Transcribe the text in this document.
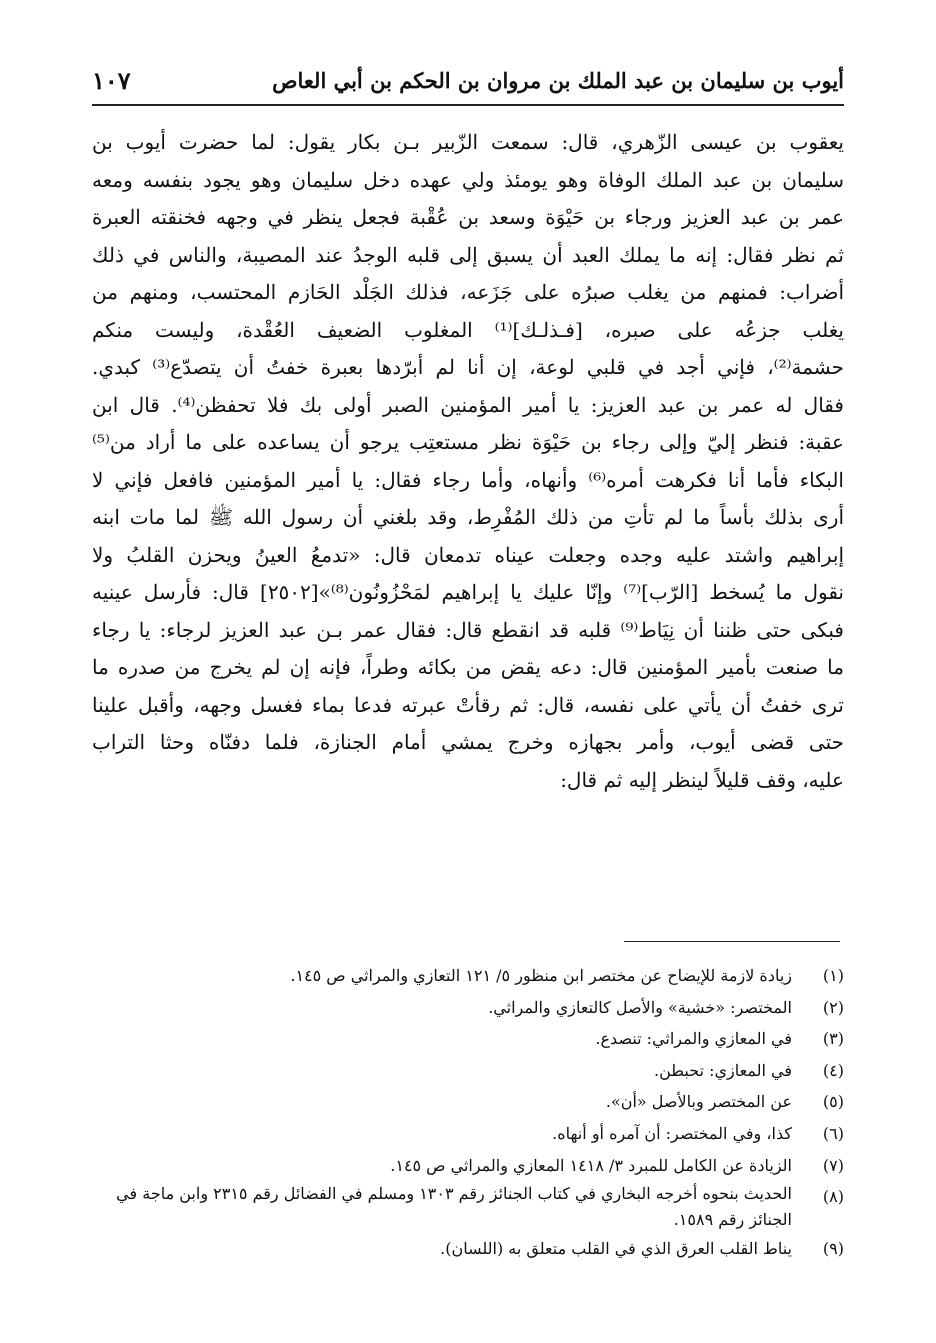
أيوب بن سليمان بن عبد الملك بن مروان بن الحكم بن أبي العاص
١٠٧
يعقوب بن عيسى الزّهري، قال: سمعت الزّبير بـن بكار يقول: لما حضرت أيوب بن
سليمان بن عبد الملك الوفاة وهو يومئذ ولي عهده دخل سليمان وهو يجود بنفسه ومعه
عمر بن عبد العزيز ورجاء بن حَيْوَة وسعد بن عُقْبة فجعل ينظر في وجهه فخنقته العبرة
ثم نظر فقال: إنه ما يملك العبد أن يسبق إلى قلبه الوجدُ عند المصيبة، والناس في ذلك
أضراب: فمنهم من يغلب صبرُه على جَزَعه، فذلك الجَلْد الحَازم المحتسب، ومنهم من
يغلب جزعُه على صبره، [فـذلـك]⁽¹⁾ المغلوب الضعيف العُقْدة، وليست منكم
حشمة⁽²⁾، فإني أجد في قلبي لوعة، إن أنا لم أبرّدها بعبرة خفتُ أن يتصدّع⁽³⁾ كبدي.
فقال له عمر بن عبد العزيز: يا أمير المؤمنين الصبر أولى بك فلا تحفظن⁽⁴⁾. قال ابن
عقبة: فنظر إليّ وإلى رجاء بن حَيْوَة نظر مستعتِب يرجو أن يساعده على ما أراد من⁽⁵⁾
البكاء فأما أنا فكرهت أمره⁽⁶⁾ وأنهاه، وأما رجاء فقال: يا أمير المؤمنين فافعل فإني لا
أرى بذلك بأساً ما لم تأتِ من ذلك المُفْرِط، وقد بلغني أن رسول الله ﷺ لما مات ابنه
إبراهيم واشتد عليه وجده وجعلت عيناه تدمعان قال: «تدمعُ العينُ ويحزن القلبُ ولا
نقول ما يُسخط [الرّب]⁽⁷⁾ وإنّا عليك يا إبراهيم لمَحْزُونُون⁽⁸⁾»[٢٥٠٢] قال: فأرسل عينيه
فبكى حتى ظننا أن نِيَاط⁽⁹⁾ قلبه قد انقطع قال: فقال عمر بـن عبد العزيز لرجاء: يا رجاء
ما صنعت بأمير المؤمنين قال: دعه يقض من بكائه وطراً، فإنه إن لم يخرج من صدره ما
ترى خفتُ أن يأتي على نفسه، قال: ثم رقأتْ عبرته فدعا بماء فغسل وجهه، وأقبل علينا
حتى قضى أيوب، وأمر بجهازه وخرج يمشي أمام الجنازة، فلما دفنّاه وحثا التراب
عليه، وقف قليلاً لينظر إليه ثم قال:
(١)
زيادة لازمة للإيضاح عن مختصر ابن منظور ٥/ ١٢١ التعازي والمراثي ص ١٤٥.
(٢)
المختصر: «خشية» والأصل كالتعازي والمراثي.
(٣)
في المعازي والمراثي: تنصدع.
(٤)
في المعازي: تحبطن.
(٥)
عن المختصر وبالأصل «أن».
(٦)
كذا، وفي المختصر: أن آمره أو أنهاه.
(٧)
الزيادة عن الكامل للمبرد ٣/ ١٤١٨ المعازي والمراثي ص ١٤٥.
(٨)
الحديث بنحوه أخرجه البخاري في كتاب الجنائز رقم ١٣٠٣ ومسلم في الفضائل رقم ٢٣١٥ وابن ماجة في
الجنائز رقم ١٥٨٩.
(٩)
يناط القلب العرق الذي في القلب متعلق به (اللسان).
